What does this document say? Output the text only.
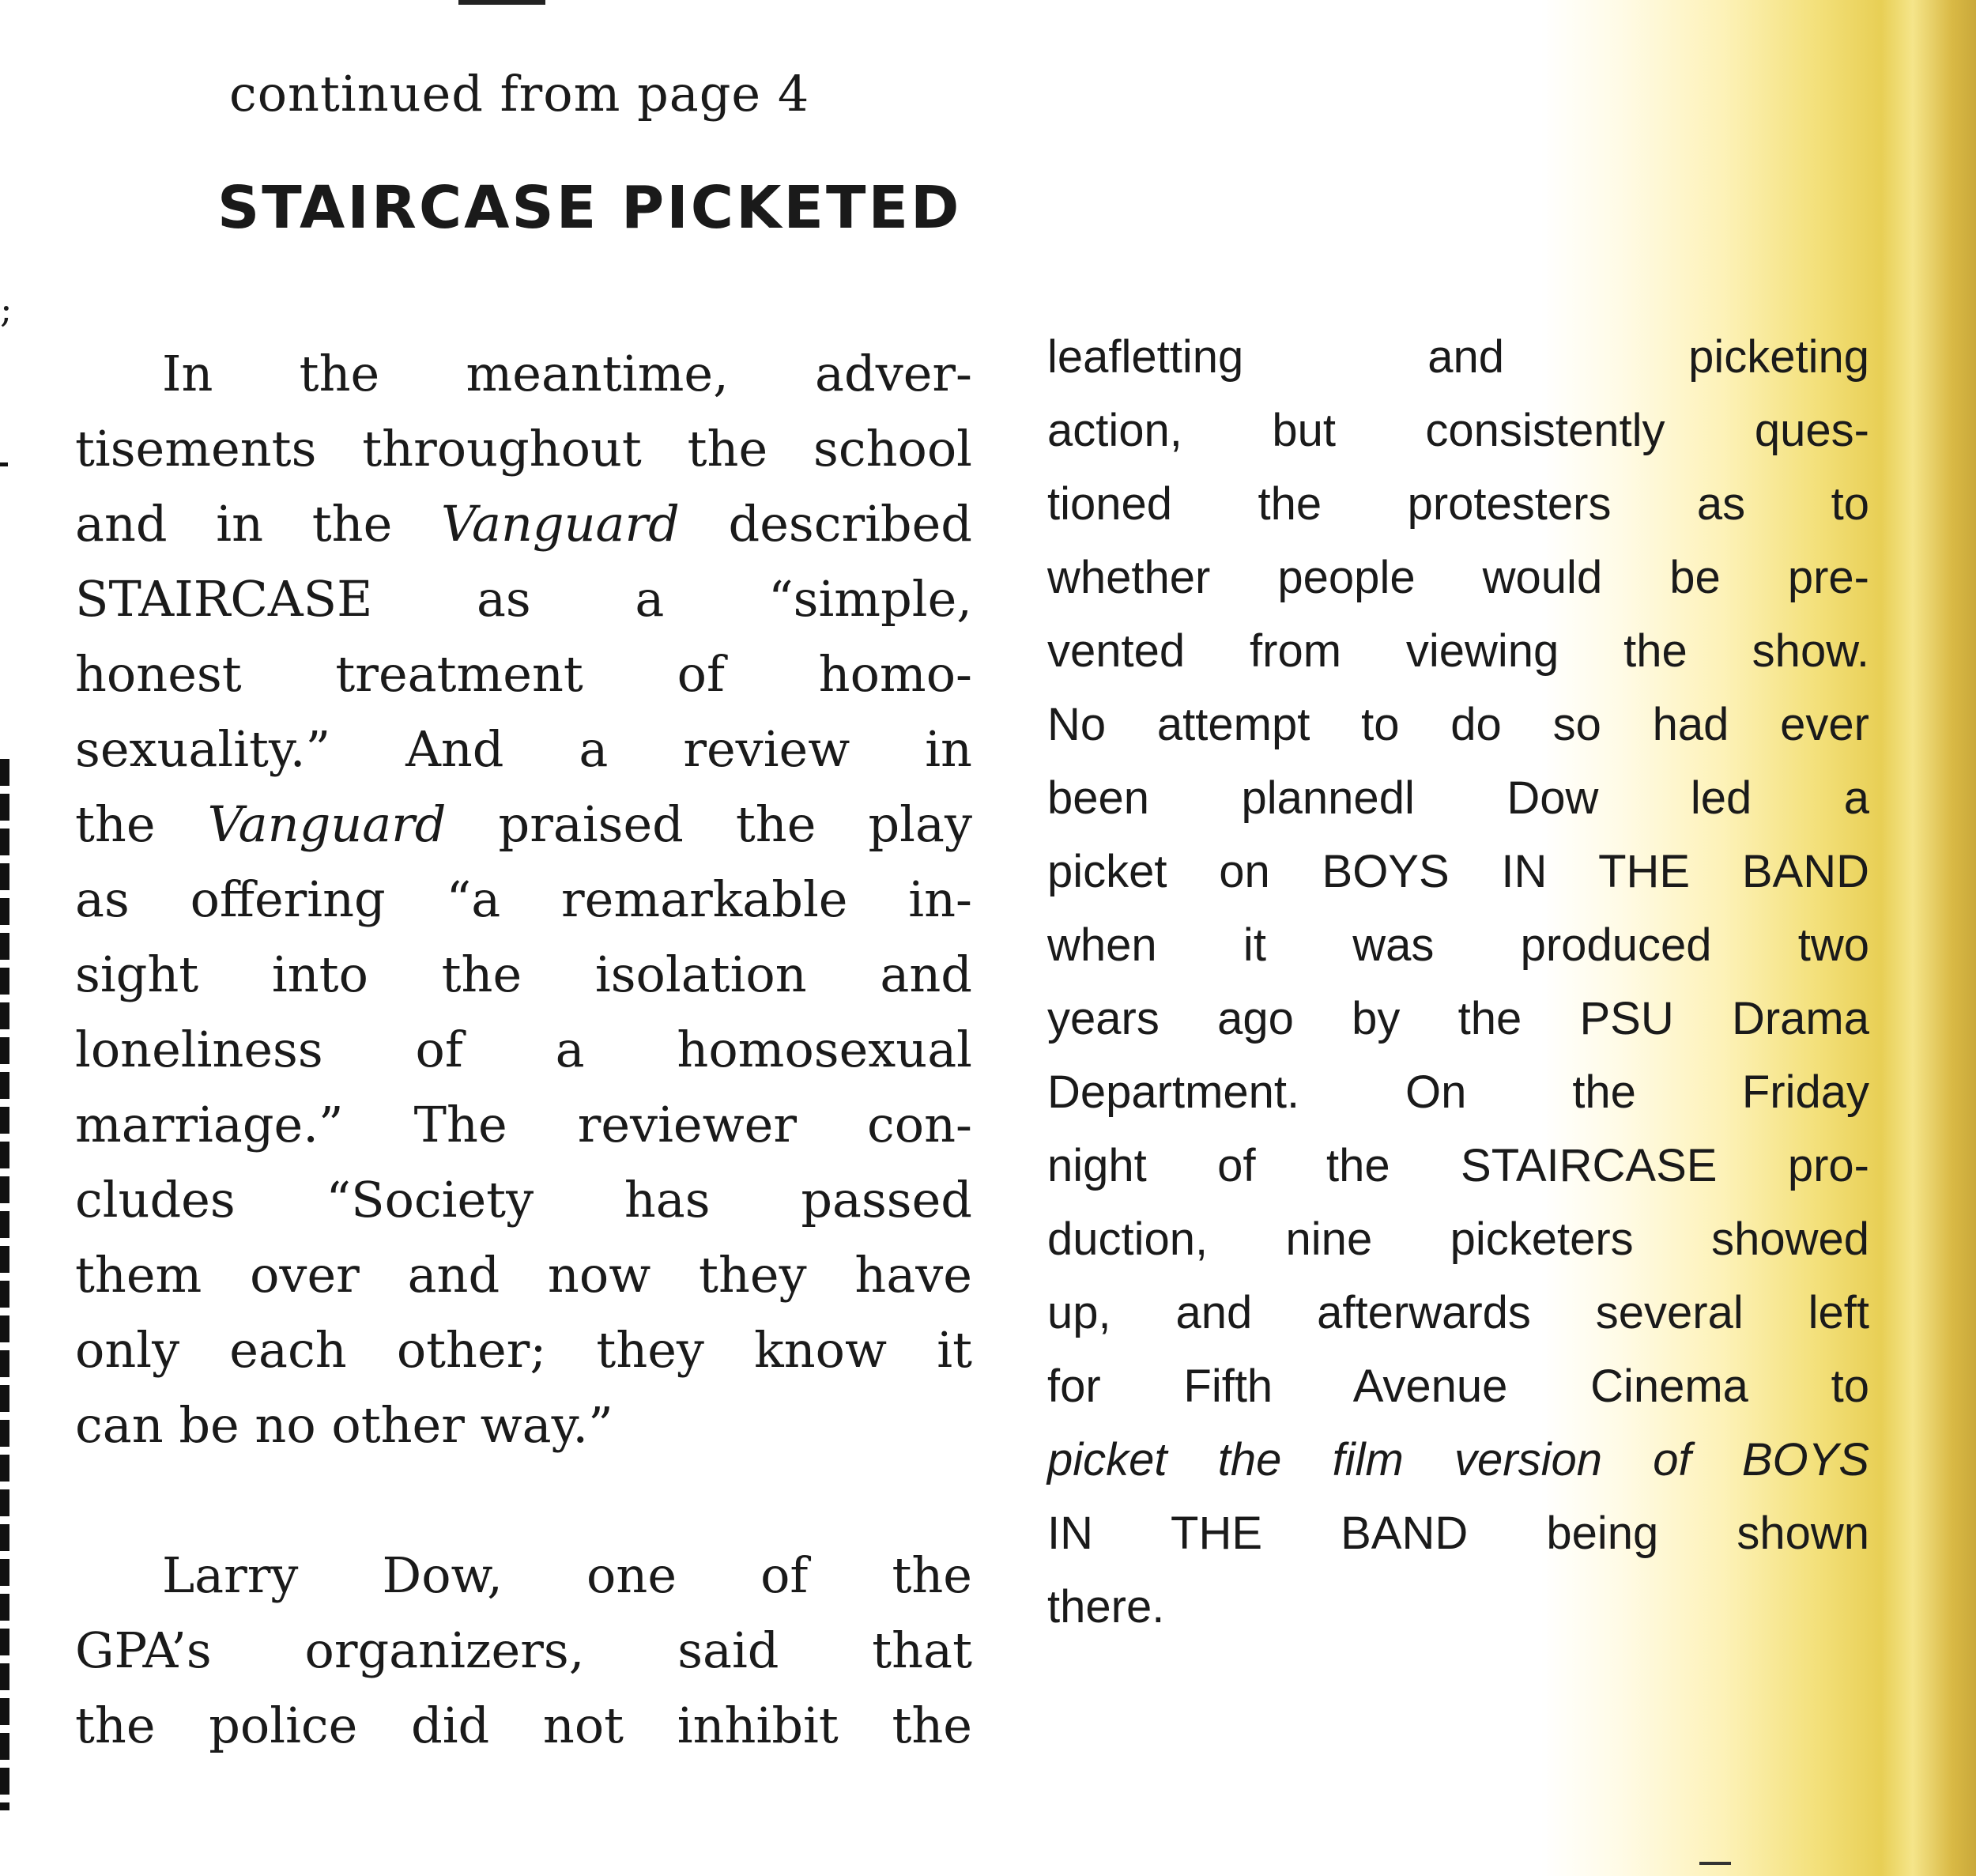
;
continued from page 4
STAIRCASE PICKETED
In the meantime, adver-
tisements throughout the school
and in the Vanguard described
STAIRCASE as a “simple,
honest treatment of homo-
sexuality.” And a review in
the Vanguard praised the play
as offering “a remarkable in-
sight into the isolation and
loneliness of a homosexual
marriage.” The reviewer con-
cludes “Society has passed
them over and now they have
only each other; they know it
can be no other way.”
Larry Dow, one of the
GPA’s organizers, said that
the police did not inhibit the
leafletting and picketing
action, but consistently ques-
tioned the protesters as to
whether people would be pre-
vented from viewing the show.
No attempt to do so had ever
been plannedl Dow led a
picket on BOYS IN THE BAND
when it was produced two
years ago by the PSU Drama
Department. On the Friday
night of the STAIRCASE pro-
duction, nine picketers showed
up, and afterwards several left
for Fifth Avenue Cinema to
picket the film version of BOYS
IN THE BAND being shown
there.
